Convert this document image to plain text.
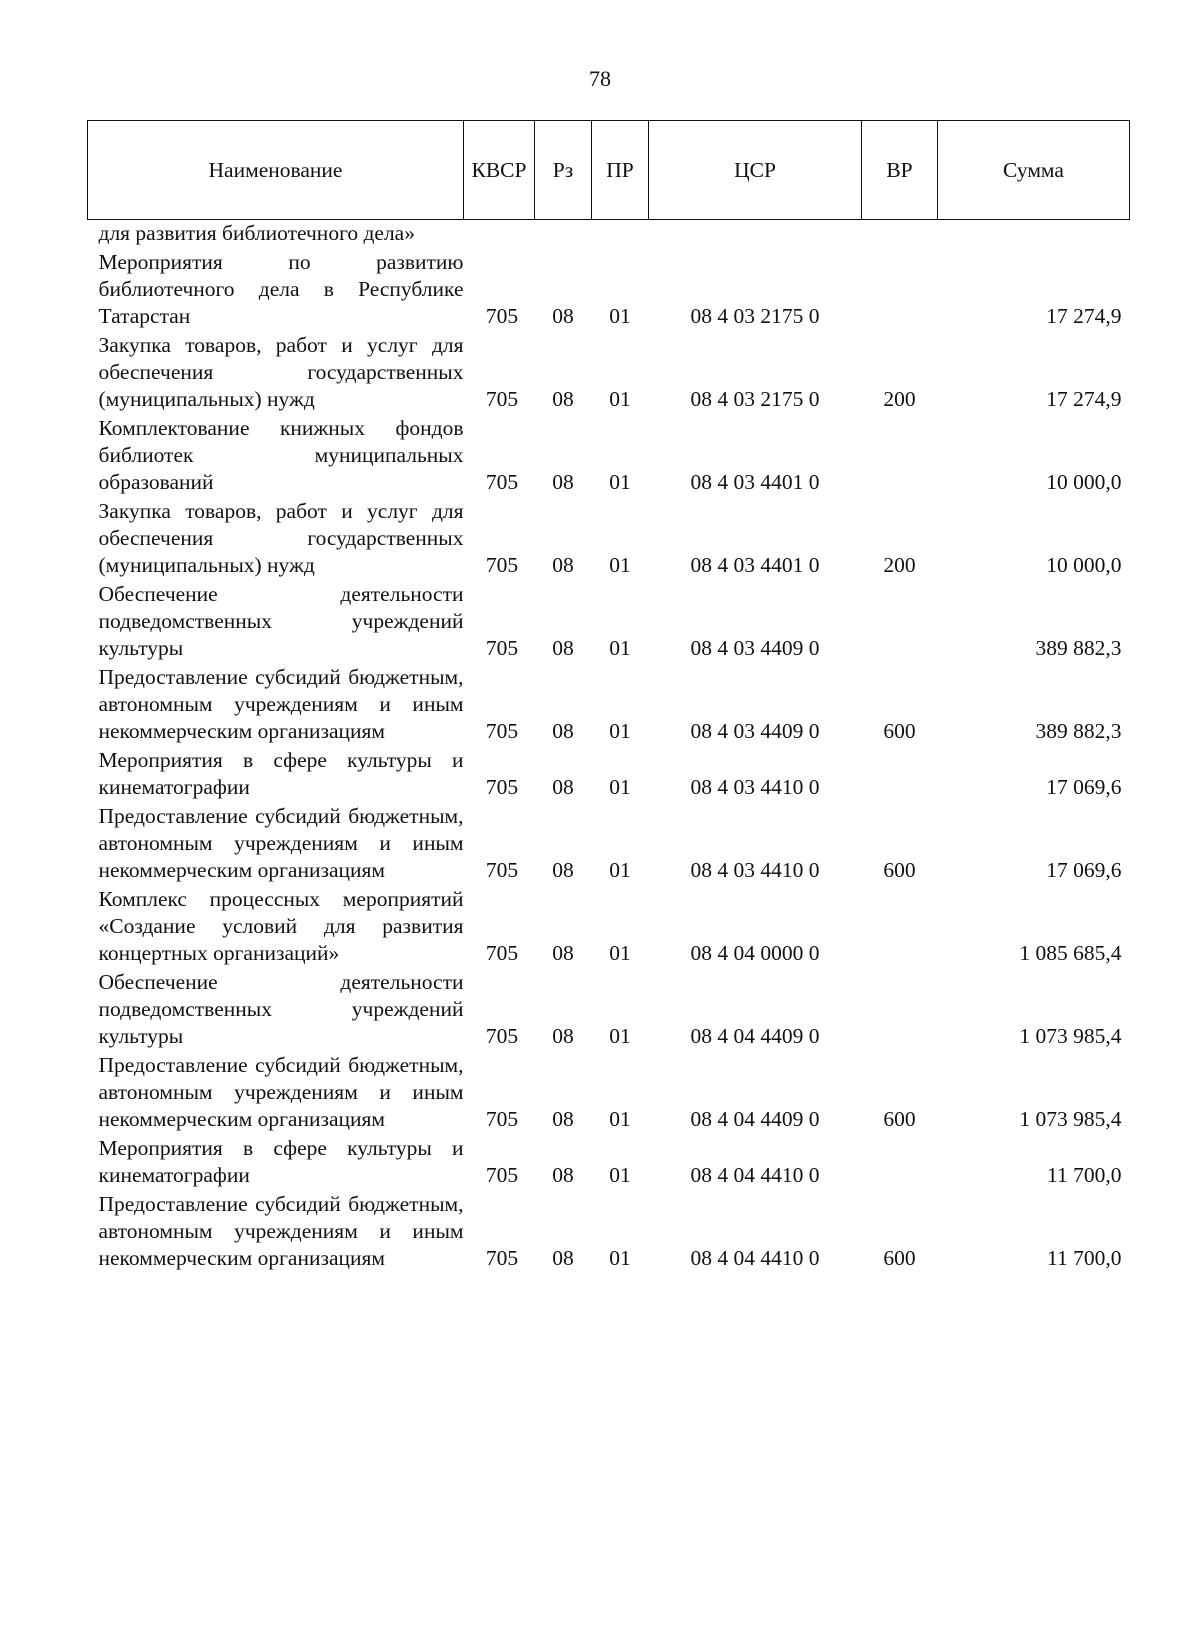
78
Наименование	КВСР	Рз	ПР	ЦСР	ВР	Сумма
для развития библиотечного дела»						
Мероприятия по развитию библиотечного дела в Республике Татарстан	705	08	01	08 4 03 2175 0		17 274,9
Закупка товаров, работ и услуг для обеспечения государственных (муниципальных) нужд	705	08	01	08 4 03 2175 0	200	17 274,9
Комплектование книжных фондов библиотек муниципальных образований	705	08	01	08 4 03 4401 0		10 000,0
Закупка товаров, работ и услуг для обеспечения государственных (муниципальных) нужд	705	08	01	08 4 03 4401 0	200	10 000,0
Обеспечение деятельности подведомственных учреждений культуры	705	08	01	08 4 03 4409 0		389 882,3
Предоставление субсидий бюджетным, автономным учреждениям и иным некоммерческим организациям	705	08	01	08 4 03 4409 0	600	389 882,3
Мероприятия в сфере культуры и кинематографии	705	08	01	08 4 03 4410 0		17 069,6
Предоставление субсидий бюджетным, автономным учреждениям и иным некоммерческим организациям	705	08	01	08 4 03 4410 0	600	17 069,6
Комплекс процессных мероприятий «Создание условий для развития концертных организаций»	705	08	01	08 4 04 0000 0		1 085 685,4
Обеспечение деятельности подведомственных учреждений культуры	705	08	01	08 4 04 4409 0		1 073 985,4
Предоставление субсидий бюджетным, автономным учреждениям и иным некоммерческим организациям	705	08	01	08 4 04 4409 0	600	1 073 985,4
Мероприятия в сфере культуры и кинематографии	705	08	01	08 4 04 4410 0		11 700,0
Предоставление субсидий бюджетным, автономным учреждениям и иным некоммерческим организациям	705	08	01	08 4 04 4410 0	600	11 700,0
